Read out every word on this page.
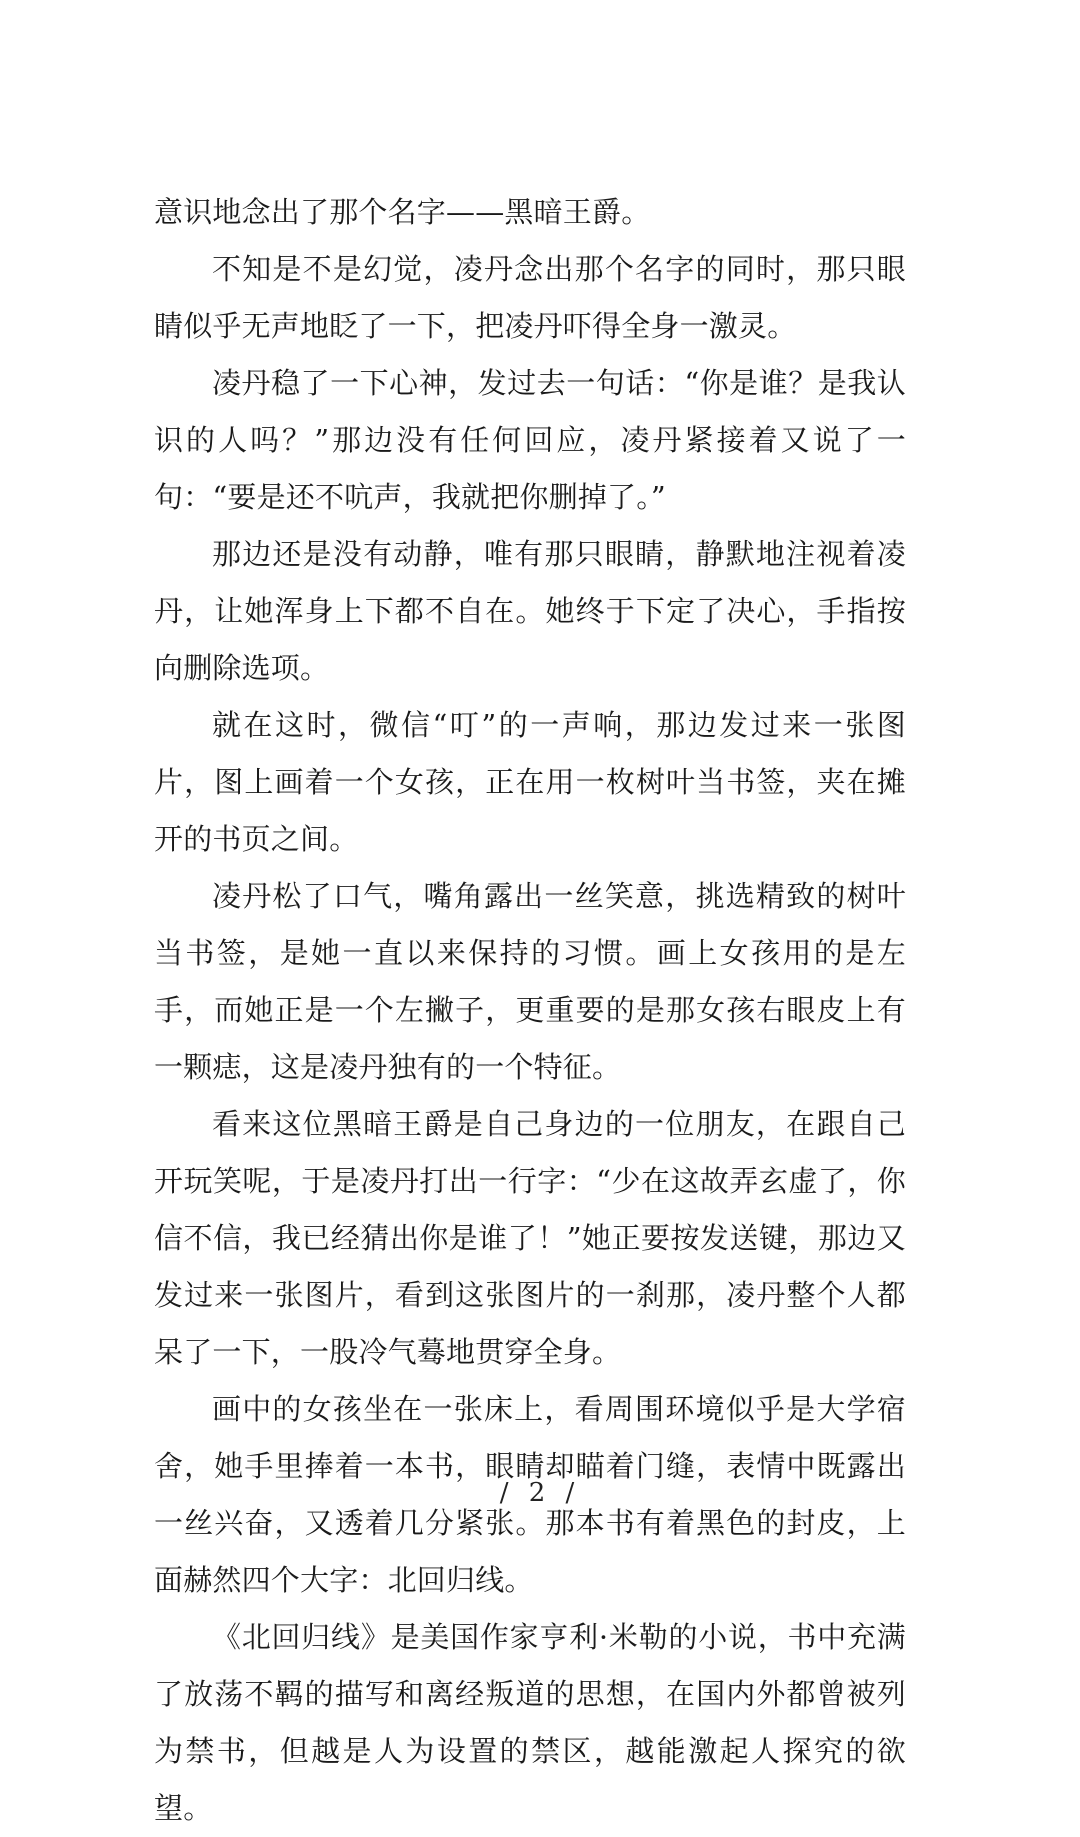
意识地念出了那个名字——黑暗王爵。

不知是不是幻觉，凌丹念出那个名字的同时，那只眼睛似乎无声地眨了一下，把凌丹吓得全身一激灵。

凌丹稳了一下心神，发过去一句话：“你是谁？是我认识的人吗？”那边没有任何回应，凌丹紧接着又说了一句：“要是还不吭声，我就把你删掉了。”

那边还是没有动静，唯有那只眼睛，静默地注视着凌丹，让她浑身上下都不自在。她终于下定了决心，手指按向删除选项。

就在这时，微信“叮”的一声响，那边发过来一张图片，图上画着一个女孩，正在用一枚树叶当书签，夹在摊开的书页之间。

凌丹松了口气，嘴角露出一丝笑意，挑选精致的树叶当书签，是她一直以来保持的习惯。画上女孩用的是左手，而她正是一个左撇子，更重要的是那女孩右眼皮上有一颗痣，这是凌丹独有的一个特征。

看来这位黑暗王爵是自己身边的一位朋友，在跟自己开玩笑呢，于是凌丹打出一行字：“少在这故弄玄虚了，你信不信，我已经猜出你是谁了！”她正要按发送键，那边又发过来一张图片，看到这张图片的一刹那，凌丹整个人都呆了一下，一股冷气蓦地贯穿全身。

画中的女孩坐在一张床上，看周围环境似乎是大学宿舍，她手里捧着一本书，眼睛却瞄着门缝，表情中既露出一丝兴奋，又透着几分紧张。那本书有着黑色的封皮，上面赫然四个大字：北回归线。

《北回归线》是美国作家亨利·米勒的小说，书中充满了放荡不羁的描写和离经叛道的思想，在国内外都曾被列为禁书，但越是人为设置的禁区，越能激起人探究的欲望。

/ 2 /
